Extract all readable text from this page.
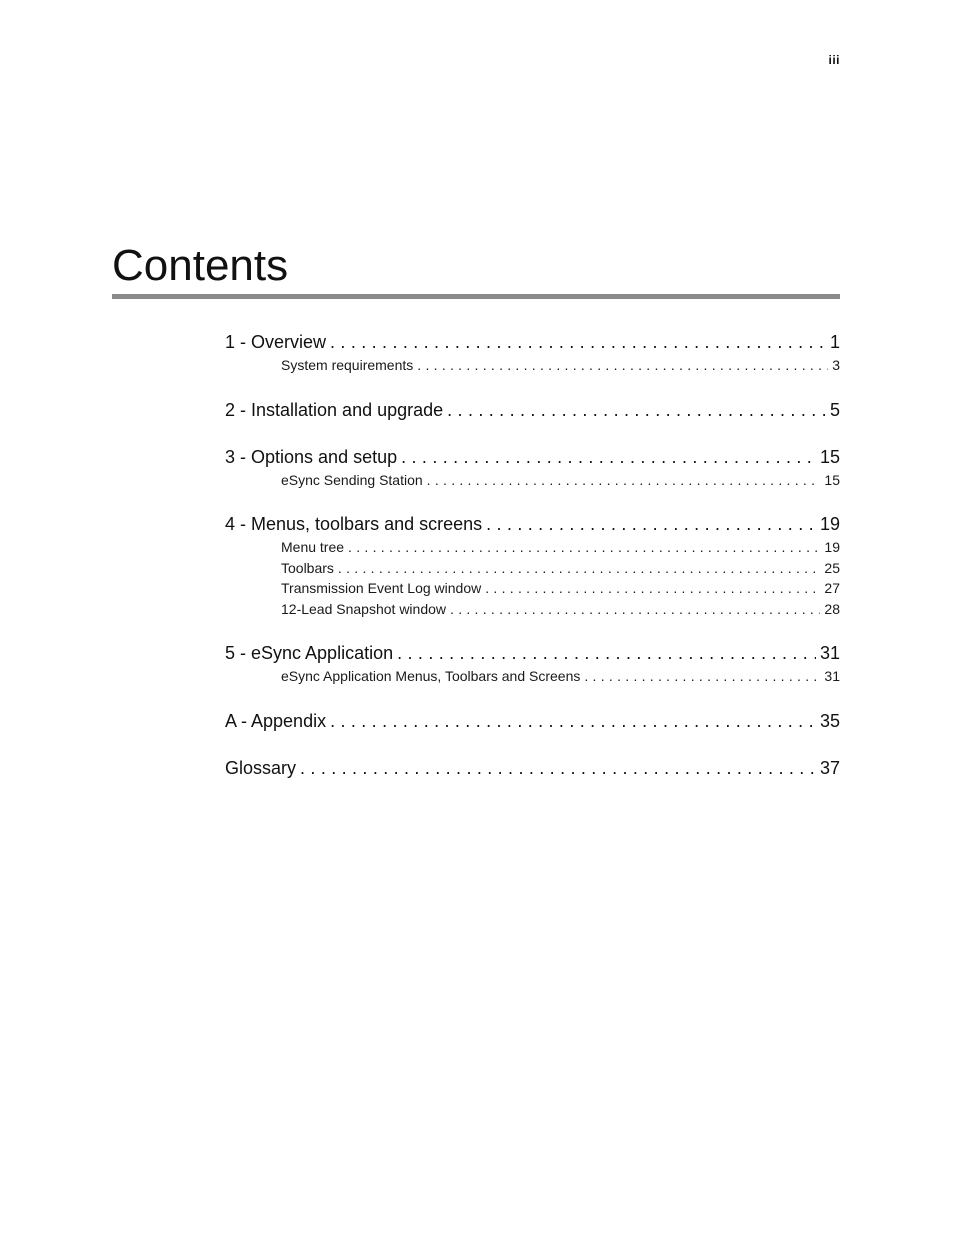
iii
Contents
1 - Overview . . .	1
System requirements . . .	3
2 - Installation and upgrade . . .	5
3 - Options and setup . . .	15
eSync Sending Station . . .	15
4 - Menus, toolbars and screens . . .	19
Menu tree . . .	19
Toolbars . . .	25
Transmission Event Log window . . .	27
12-Lead Snapshot window . . .	28
5 - eSync Application . . .	31
eSync Application Menus, Toolbars and Screens . . .	31
A - Appendix . . .	35
Glossary . . .	37
